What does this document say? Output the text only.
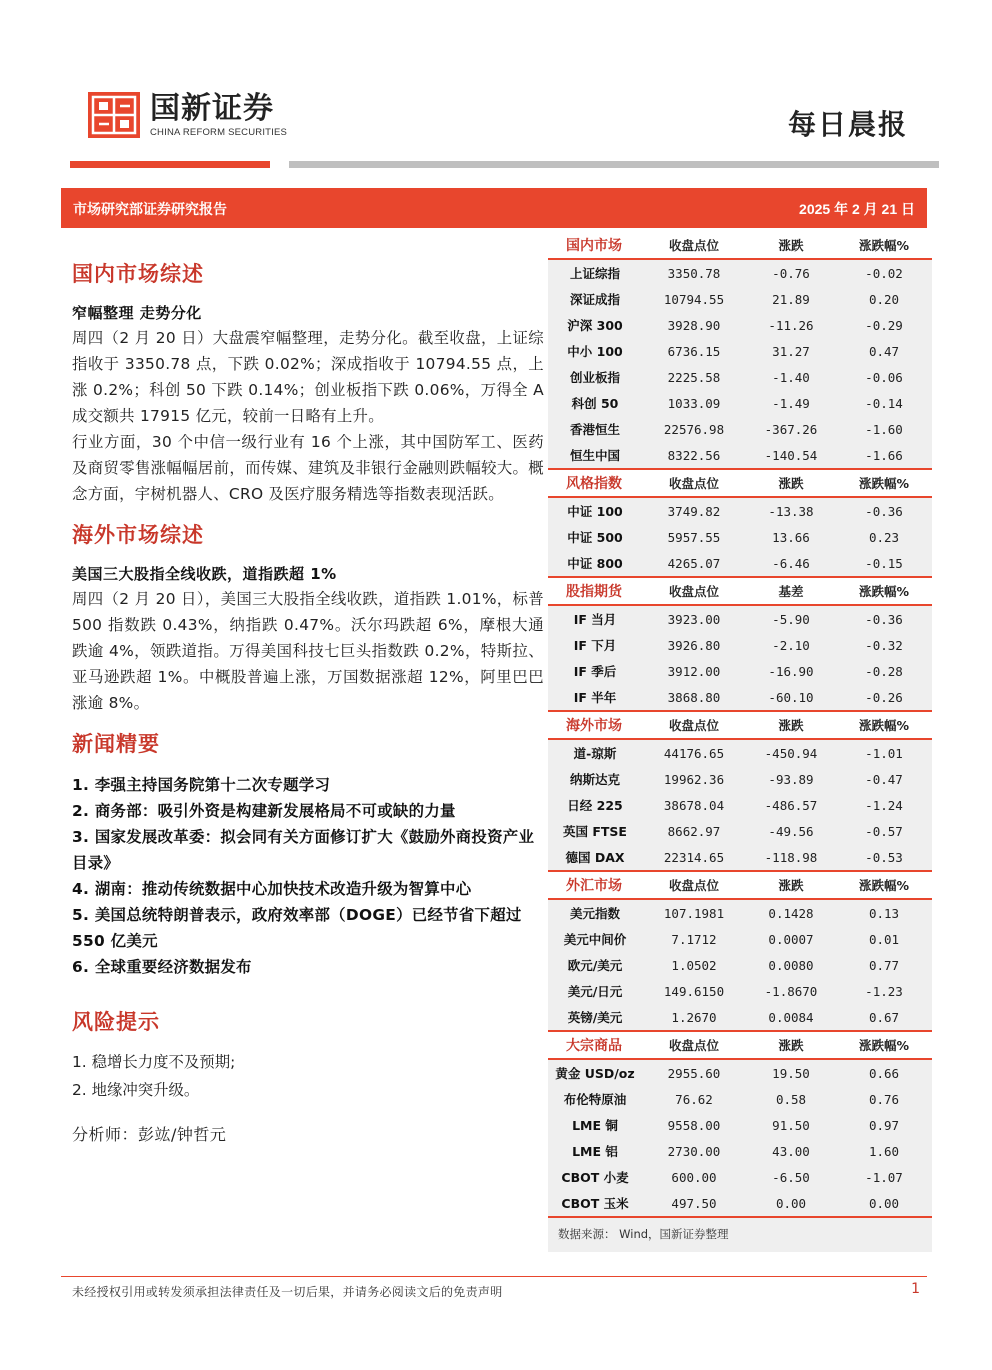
国新证券
CHINA REFORM SECURITIES	每日晨报
市场研究部证券研究报告	2025 年 2 月 21 日
国内市场综述
窄幅整理 走势分化

周四（2 月 20 日）大盘震窄幅整理，走势分化。截至收盘，上证综指收于 3350.78 点，下跌 0.02%；深成指收于 10794.55 点，上涨 0.2%；科创 50 下跌 0.14%；创业板指下跌 0.06%，万得全 A 成交额共 17915 亿元，较前一日略有上升。

行业方面，30 个中信一级行业有 16 个上涨，其中国防军工、医药及商贸零售涨幅幅居前，而传媒、建筑及非银行金融则跌幅较大。概念方面，宇树机器人、CRO 及医疗服务精选等指数表现活跃。

海外市场综述
美国三大股指全线收跌，道指跌超 1%

周四（2 月 20 日），美国三大股指全线收跌，道指跌 1.01%，标普 500 指数跌 0.43%，纳指跌 0.47%。沃尔玛跌超 6%，摩根大通跌逾 4%，领跌道指。万得美国科技七巨头指数跌 0.2%，特斯拉、亚马逊跌超 1%。中概股普遍上涨，万国数据涨超 12%，阿里巴巴涨逾 8%。

新闻精要
1. 李强主持国务院第十二次专题学习
2. 商务部：吸引外资是构建新发展格局不可或缺的力量
3. 国家发展改革委：拟会同有关方面修订扩大《鼓励外商投资产业目录》
4. 湖南：推动传统数据中心加快技术改造升级为智算中心
5. 美国总统特朗普表示，政府效率部（DOGE）已经节省下超过 550 亿美元
6. 全球重要经济数据发布
风险提示
1. 稳增长力度不及预期;
2. 地缘冲突升级。
分析师：彭竑/钟哲元
国内市场	收盘点位	涨跌	涨跌幅%
上证综指	3350.78	-0.76	-0.02
深证成指	10794.55	21.89	0.20
沪深 300	3928.90	-11.26	-0.29
中小 100	6736.15	31.27	0.47
创业板指	2225.58	-1.40	-0.06
科创 50	1033.09	-1.49	-0.14
香港恒生	22576.98	-367.26	-1.60
恒生中国	8322.56	-140.54	-1.66
风格指数	收盘点位	涨跌	涨跌幅%
中证 100	3749.82	-13.38	-0.36
中证 500	5957.55	13.66	0.23
中证 800	4265.07	-6.46	-0.15
股指期货	收盘点位	基差	涨跌幅%
IF 当月	3923.00	-5.90	-0.36
IF 下月	3926.80	-2.10	-0.32
IF 季后	3912.00	-16.90	-0.28
IF 半年	3868.80	-60.10	-0.26
海外市场	收盘点位	涨跌	涨跌幅%
道-琼斯	44176.65	-450.94	-1.01
纳斯达克	19962.36	-93.89	-0.47
日经 225	38678.04	-486.57	-1.24
英国 FTSE	8662.97	-49.56	-0.57
德国 DAX	22314.65	-118.98	-0.53
外汇市场	收盘点位	涨跌	涨跌幅%
美元指数	107.1981	0.1428	0.13
美元中间价	7.1712	0.0007	0.01
欧元/美元	1.0502	0.0080	0.77
美元/日元	149.6150	-1.8670	-1.23
英镑/美元	1.2670	0.0084	0.67
大宗商品	收盘点位	涨跌	涨跌幅%
黄金 USD/oz	2955.60	19.50	0.66
布伦特原油	76.62	0.58	0.76
LME 铜	9558.00	91.50	0.97
LME 铝	2730.00	43.00	1.60
CBOT 小麦	600.00	-6.50	-1.07
CBOT 玉米	497.50	0.00	0.00
数据来源： Wind，国新证券整理
未经授权引用或转发须承担法律责任及一切后果，并请务必阅读文后的免责声明	1
